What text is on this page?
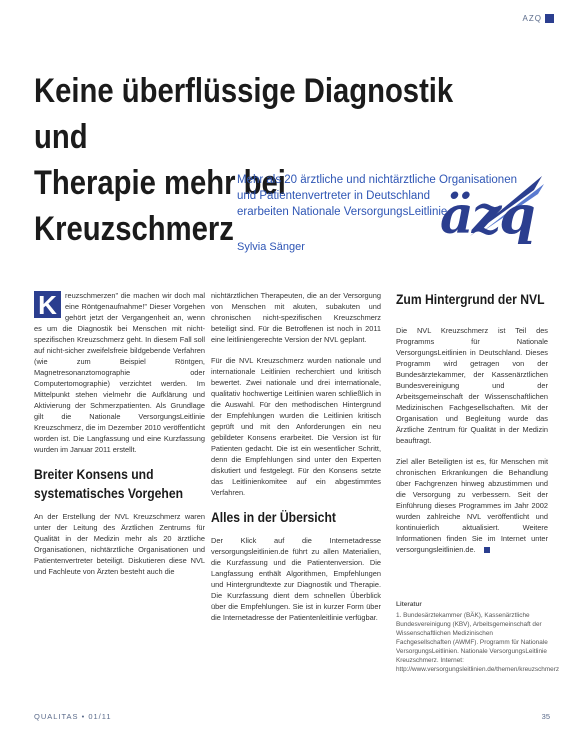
AZQ
Keine überflüssige Diagnostik und
Therapie mehr bei Kreuzschmerz
Mehr als 20 ärztliche und nichtärztliche Organisationen
und Patientenvertreter in Deutschland
erarbeiten Nationale VersorgungsLeitlinie
Sylvia Sänger
äzq

K	reuzschmerzen” die machen wir doch mal eine Röntgenaufnahme!” Dieser Vorgehen gehört jetzt der Vergangenheit an, wenn es um die Diagnostik bei Menschen mit nicht-spezifischen Kreuzschmerz geht. In diesem Fall soll auf nicht-sicher zweifelsfreie bildgebende Verfahren (wie zum Beispiel Röntgen, Magnetresonanztomographie oder Computertomographie) verzichtet werden. Im Mittelpunkt stehen vielmehr die Aufklärung und Aktivierung der Schmerzpatienten. Als Grundlage gilt die Nationale VersorgungsLeitlinie Kreuzschmerz, die im Dezember 2010 veröffentlicht worden ist. Die Langfassung und eine Kurzfassung wurden im Januar 2011 erstellt.

Breiter Konsens und
systematisches Vorgehen

An der Erstellung der NVL Kreuzschmerz waren unter der Leitung des Ärztlichen Zentrums für Qualität in der Medizin mehr als 20 ärztliche Organisationen, nichtärztliche Organisationen und Patientenvertreter beteiligt. Diskutieren diese NVL und Fachleute von Ärzten besteht auch die

nichtärztlichen Therapeuten, die an der Versorgung von Menschen mit akuten, subakuten und chronischen nicht-spezifischen Kreuzschmerz beteiligt sind. Für die Betroffenen ist noch in 2011 eine leitliniengerechte Version der NVL geplant.

Für die NVL Kreuzschmerz wurden nationale und internationale Leitlinien recherchiert und kritisch bewertet. Zwei nationale und drei internationale, qualitativ hochwertige Leitlinien waren schließlich in die Auswahl. Für den methodischen Hintergrund der Empfehlungen wurden die Leitlinien kritisch geprüft und mit den Anforderungen ein neu gebildeter Konsens erarbeitet. Die Version ist für Patienten gedacht. Die ist ein wesentlicher Schritt, denn die Empfehlungen sind unter den Experten diskutiert und festgelegt. Für den Konsens setzte das Leitlinienkomitee auf ein abgestimmtes Verfahren.

Alles in der Übersicht

Der Klick auf die Internetadresse versorgungsleitlinien.de führt zu allen Materialien, die Kurzfassung und die Patientenversion. Die Langfassung enthält Algorithmen, Empfehlungen und Hintergrundtexte zur Diagnostik und Therapie. Die Kurzfassung dient dem schnellen Überblick über die Empfehlungen. Sie ist in kurzer Form über die Internetadresse der Patientenleitlinie verfügbar.

Zum Hintergrund der NVL

Die NVL Kreuzschmerz ist Teil des Programms für Nationale VersorgungsLeitlinien in Deutschland. Dieses Programm wird getragen von der Bundesärztekammer, der Kassenärztlichen Bundesvereinigung und der Arbeitsgemeinschaft der Wissenschaftlichen Medizinischen Fachgesellschaften. Mit der Organisation und Begleitung wurde das Ärztliche Zentrum für Qualität in der Medizin beauftragt.

Ziel aller Beteiligten ist es, für Menschen mit chronischen Erkrankungen die Behandlung über Fachgrenzen hinweg abzustimmen und die Versorgung zu verbessern. Seit der Einführung dieses Programmes im Jahr 2002 wurden zahlreiche NVL veröffentlicht und kontinuierlich aktualisiert. Weitere Informationen finden Sie im Internet unter versorgungsleitlinien.de.

Literatur
1. Bundesärztekammer (BÄK), Kassenärztliche Bundesvereinigung (KBV), Arbeitsgemeinschaft der Wissenschaftlichen Medizinischen Fachgesellschaften (AWMF). Programm für Nationale VersorgungsLeitlinien. Nationale VersorgungsLeitlinie Kreuzschmerz. Internet: http://www.versorgungsleitlinien.de/themen/kreuzschmerz
QUALITAS • 01/11	35
